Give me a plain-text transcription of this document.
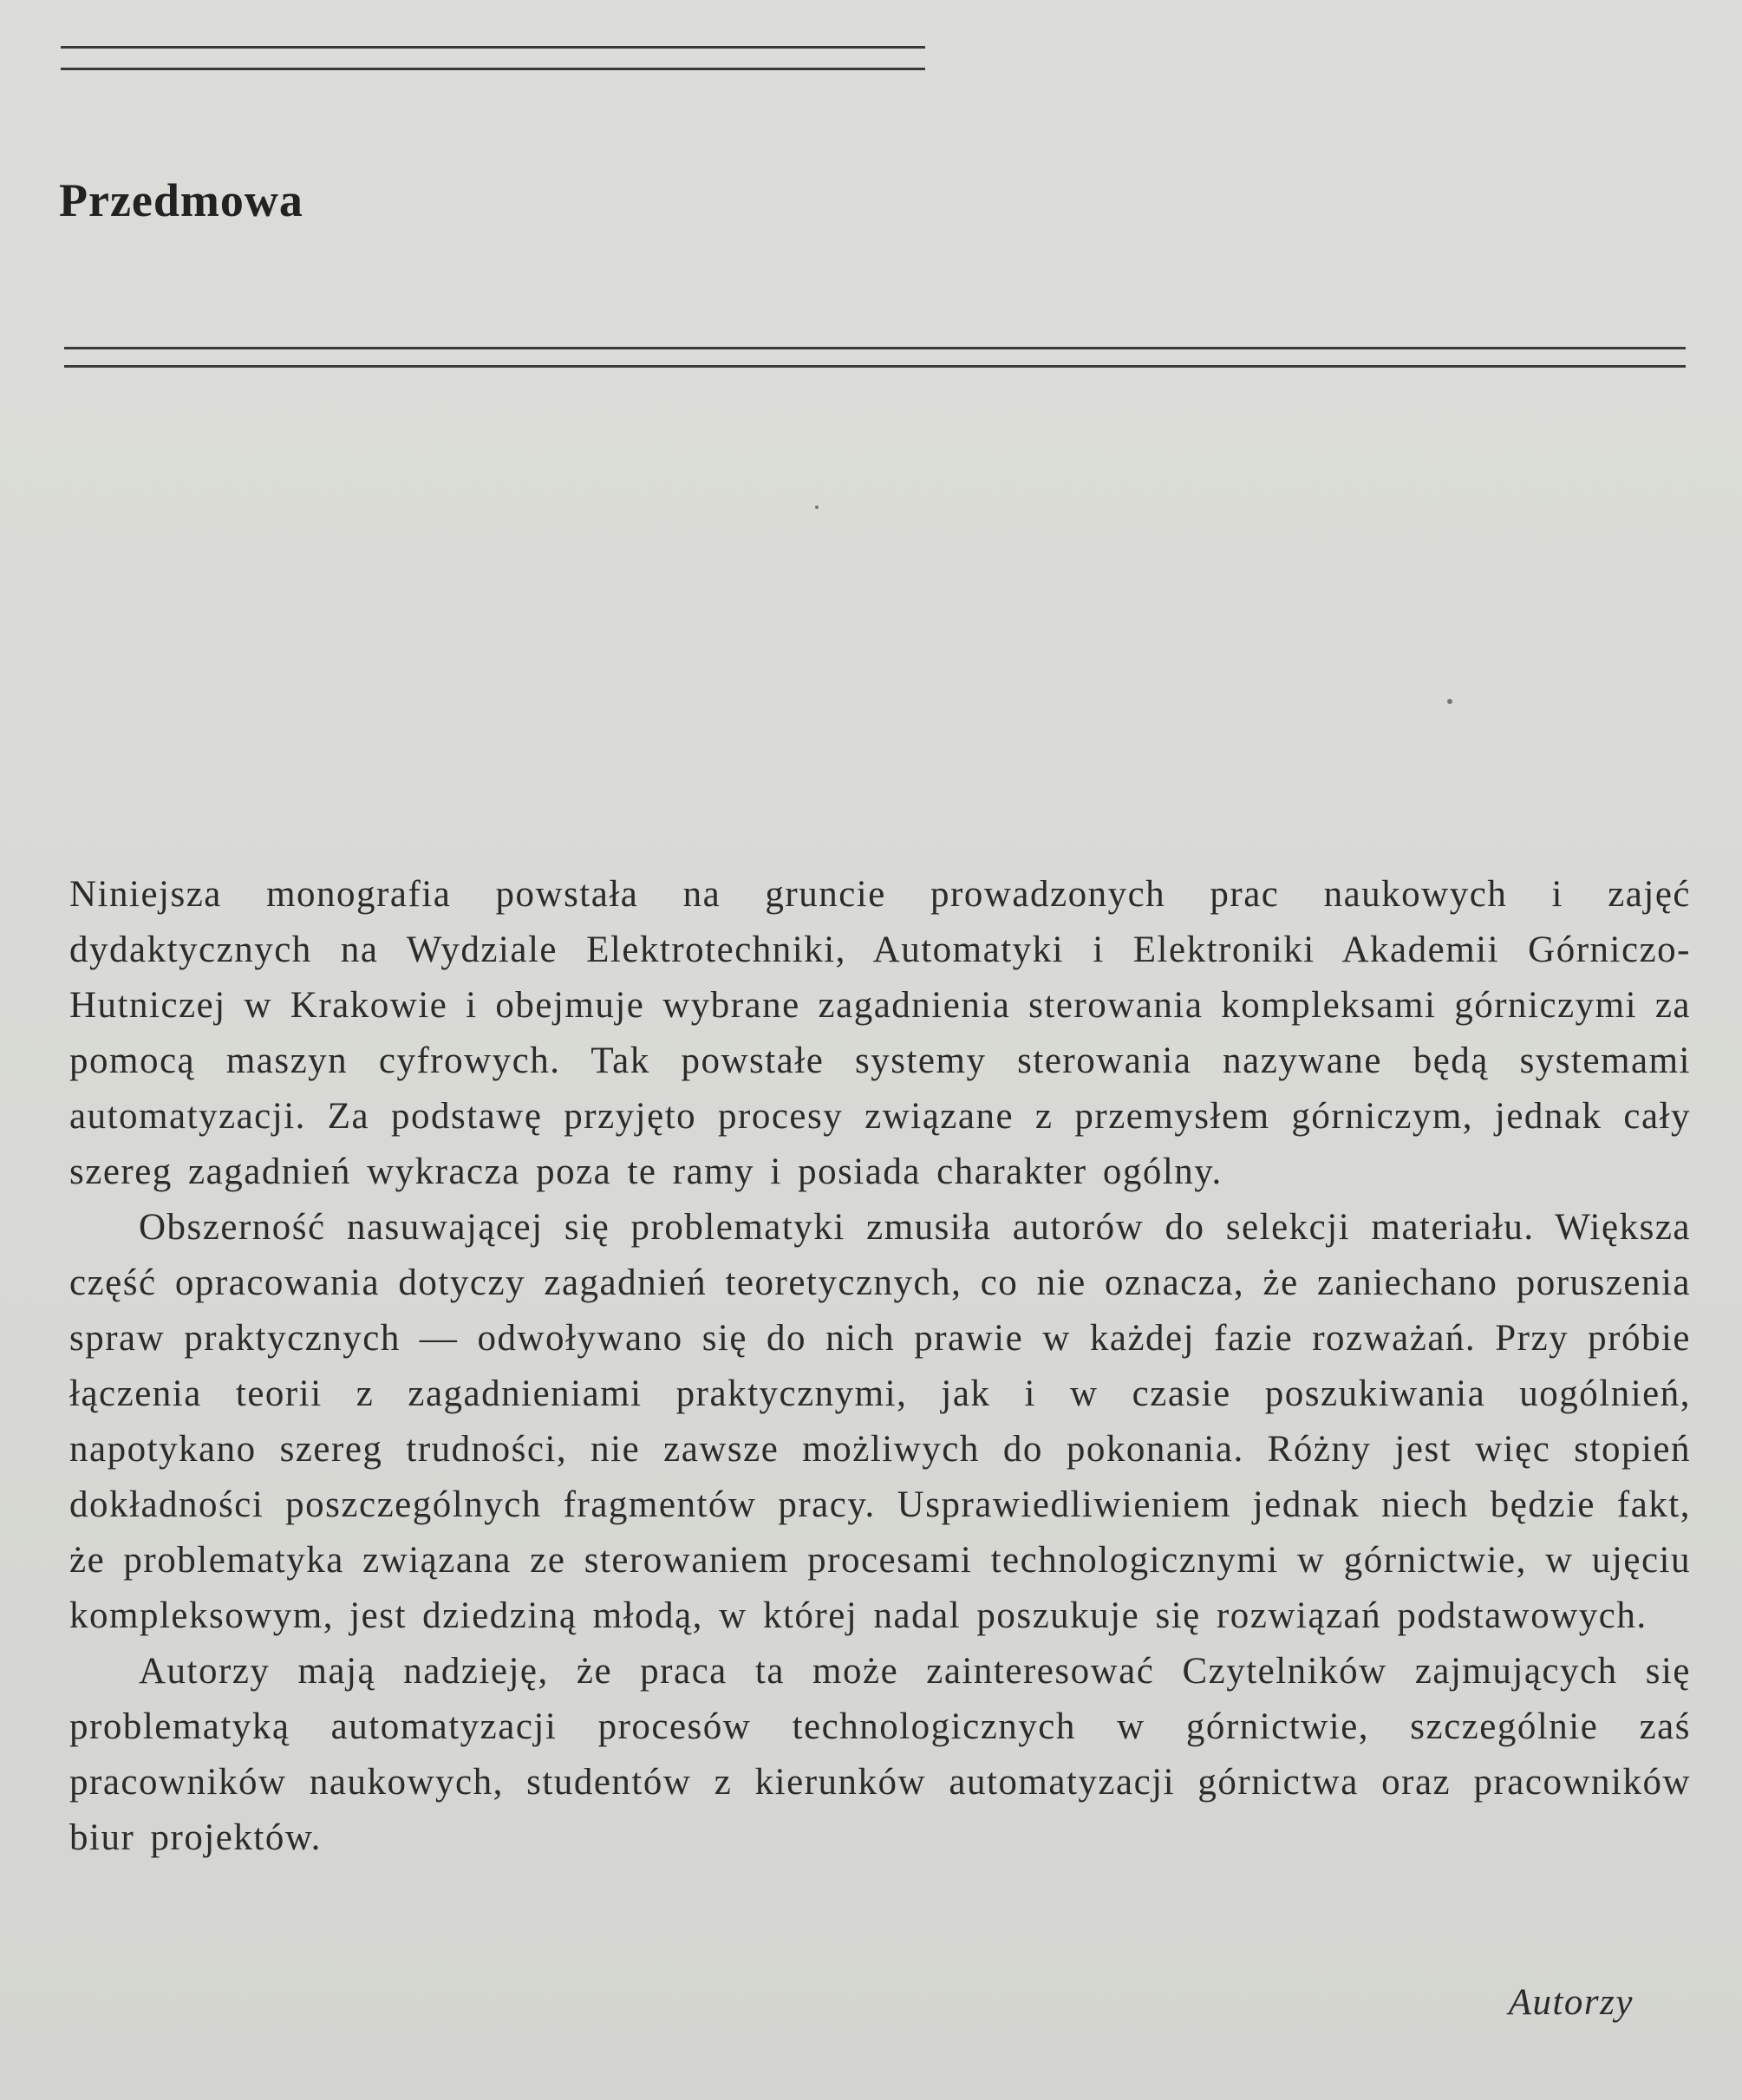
Przedmowa

Niniejsza monografia powstała na gruncie prowadzonych prac naukowych i zajęć dydaktycznych na Wydziale Elektrotechniki, Automatyki i Elektroniki Akademii Górniczo-Hutniczej w Krakowie i obejmuje wybrane zagadnienia sterowania kompleksami górniczymi za pomocą maszyn cyfrowych. Tak powstałe systemy sterowania nazywane będą systemami automatyzacji. Za podstawę przyjęto procesy związane z przemysłem górniczym, jednak cały szereg zagadnień wykracza poza te ramy i posiada charakter ogólny.

Obszerność nasuwającej się problematyki zmusiła autorów do selekcji materiału. Większa część opracowania dotyczy zagadnień teoretycznych, co nie oznacza, że zaniechano poruszenia spraw praktycznych — odwoływano się do nich prawie w każdej fazie rozważań. Przy próbie łączenia teorii z zagadnieniami praktycznymi, jak i w czasie poszukiwania uogólnień, napotykano szereg trudności, nie zawsze możliwych do pokonania. Różny jest więc stopień dokładności poszczególnych fragmentów pracy. Usprawiedliwieniem jednak niech będzie fakt, że problematyka związana ze sterowaniem procesami technologicznymi w górnictwie, w ujęciu kompleksowym, jest dziedziną młodą, w której nadal poszukuje się rozwiązań podstawowych.

Autorzy mają nadzieję, że praca ta może zainteresować Czytelników zajmujących się problematyką automatyzacji procesów technologicznych w górnictwie, szczególnie zaś pracowników naukowych, studentów z kierunków automatyzacji górnictwa oraz pracowników biur projektów.

Autorzy
